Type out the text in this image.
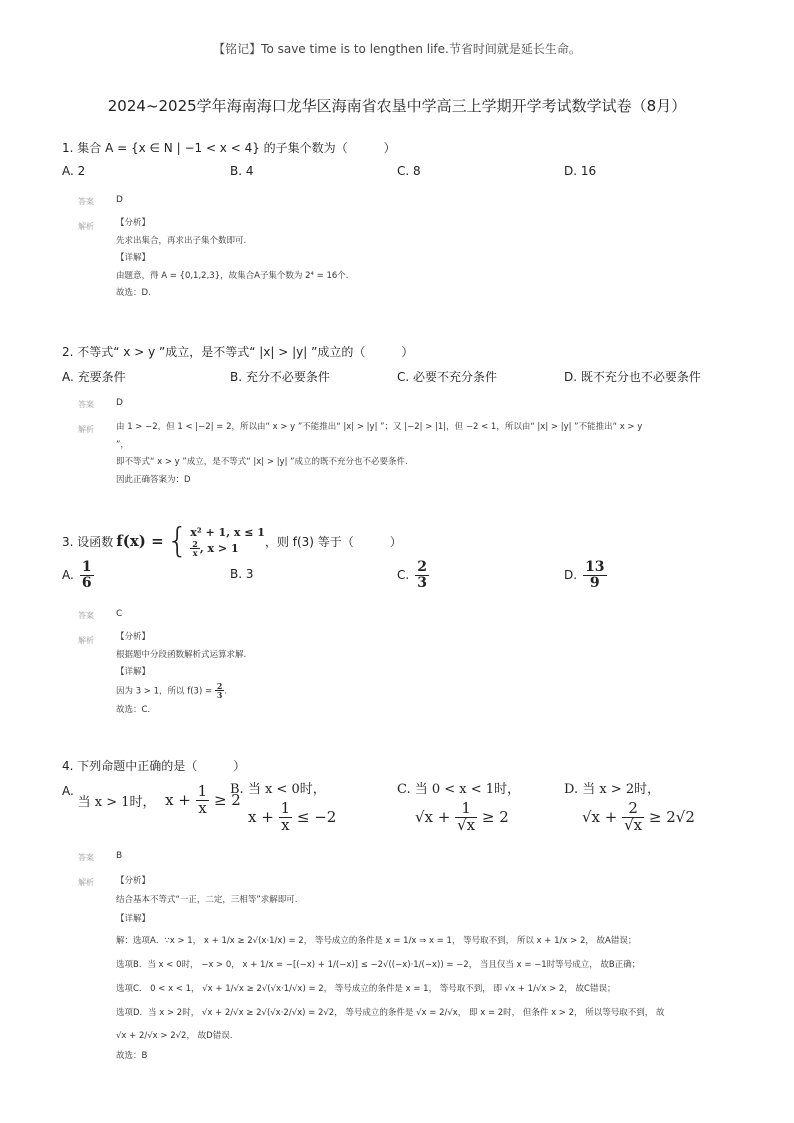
【铭记】To save time is to lengthen life.节省时间就是延长生命。
2024~2025学年海南海口龙华区海南省农垦中学高三上学期开学考试数学试卷（8月）
1. 集合 A = {x ∈ N | −1 < x < 4} 的子集个数为（　　　）
A. 2	B. 4	C. 8	D. 16
答案 D
解析	【分析】
先求出集合，再求出子集个数即可.
【详解】
由题意，得 A = {0,1,2,3}，故集合A子集个数为 2⁴ = 16个.
故选：D.
2. 不等式“ x > y ”成立，是不等式“ |x| > |y| ”成立的（　　　）
A. 充要条件	B. 充分不必要条件	C. 必要不充分条件	D. 既不充分也不必要条件
答案 D
解析	由 1 > −2，但 1 < |−2| = 2，所以由“ x > y ”不能推出“ |x| > |y| ”；又 |−2| > |1|，但 −2 < 1，所以由“ |x| > |y| ”不能推出“ x > y
”，
即不等式“ x > y ”成立，是不等式“ |x| > |y| ”成立的既不充分也不必要条件.
因此正确答案为：D
3. 设函数 f(x) = { x² + 1, x ≤ 1
$\frac{2}{x}$ , x > 1	，则 f(3) 等于（　　　）
A. $\frac{1}{6}$	B. 3	C. $\frac{2}{3}$	D. $\frac{13}{9}$
答案 C
解析	【分析】
根据题中分段函数解析式运算求解.
【详解】
因为 3 > 1，所以 $f(3) = \frac{2}{3}$ .
故选：C.
4. 下列命题中正确的是（　　　）
A.
当 x > 1时， $x + \frac{1}{x} \ge 2$
B. 当 x < 0时，
$x + \frac{1}{x} \le -2$
C. 当 0 < x < 1时，
$√x + \frac{1}{√x} \ge 2$
D. 当 x > 2时，
$√x + \frac{2}{√x} \ge 2√2$
答案 B
解析	【分析】
结合基本不等式“一正，二定，三相等”求解即可.
【详解】
解：选项A．∵x > 1， x + 1/x ≥ 2√(x·1/x) = 2， 等号成立的条件是 x = 1/x ⇒ x = 1， 等号取不到， 所以 x + 1/x > 2， 故A错误；
选项B．当 x < 0时， −x > 0， x + 1/x = −[(−x) + 1/(−x)] ≤ −2√((−x)·1/(−x)) = −2， 当且仅当 x = −1时等号成立， 故B正确；
选项C． 0 < x < 1， √x + 1/√x ≥ 2√(√x·1/√x) = 2， 等号成立的条件是 x = 1， 等号取不到， 即 √x + 1/√x > 2， 故C错误；
选项D．当 x > 2时， √x + 2/√x ≥ 2√(√x·2/√x) = 2√2， 等号成立的条件是 √x = 2/√x， 即 x = 2时， 但条件 x > 2， 所以等号取不到， 故
√x + 2/√x > 2√2， 故D错误.
故选：B
